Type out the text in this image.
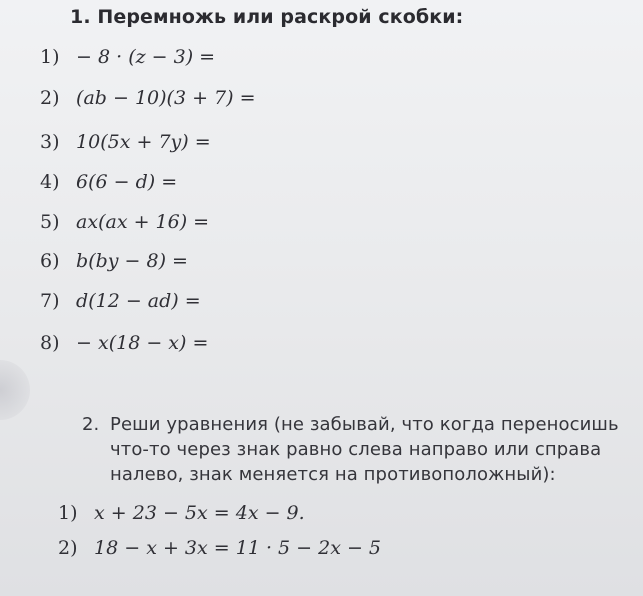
1. Перемножь или раскрой скобки:
1) − 8 · (z − 3) =
2) (ab − 10)(3 + 7) =
3) 10(5x + 7y) =
4) 6(6 − d) =
5) ax(ax + 16) =
6) b(by − 8) =
7) d(12 − ad) =
8) − x(18 − x) =
2. Реши уравнения (не забывай, что когда переносишь что-то через знак равно слева направо или справа налево, знак меняется на противоположный):
1) x + 23 − 5x = 4x − 9.
2) 18 − x + 3x = 11 · 5 − 2x − 5
